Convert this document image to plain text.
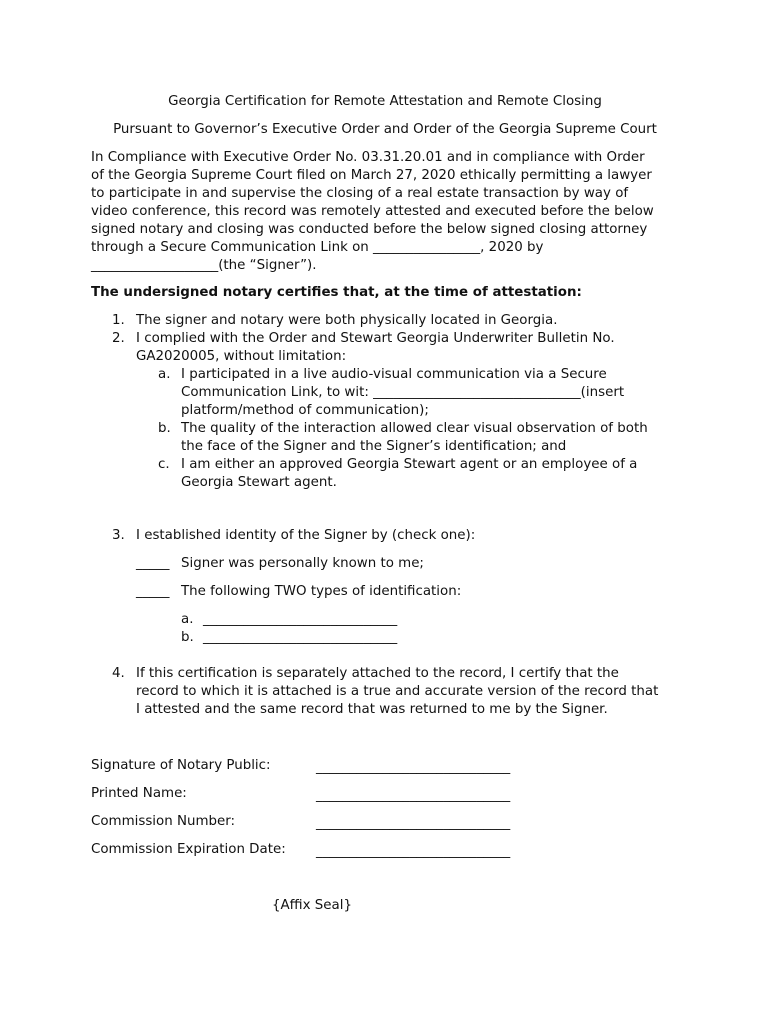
Georgia Certification for Remote Attestation and Remote Closing
Pursuant to Governor’s Executive Order and Order of the Georgia Supreme Court
In Compliance with Executive Order No. 03.31.20.01 and in compliance with Order
of the Georgia Supreme Court filed on March 27, 2020 ethically permitting a lawyer
to participate in and supervise the closing of a real estate transaction by way of
video conference, this record was remotely attested and executed before the below
signed notary and closing was conducted before the below signed closing attorney
through a Secure Communication Link on ________________, 2020 by
___________________(the “Signer”).
The undersigned notary certifies that, at the time of attestation:
1. The signer and notary were both physically located in Georgia.
2. I complied with the Order and Stewart Georgia Underwriter Bulletin No.
GA2020005, without limitation:
a. I participated in a live audio-visual communication via a Secure
Communication Link, to wit: _______________________________(insert
platform/method of communication);
b. The quality of the interaction allowed clear visual observation of both
the face of the Signer and the Signer’s identification; and
c. I am either an approved Georgia Stewart agent or an employee of a
Georgia Stewart agent.
3. I established identity of the Signer by (check one):
_____ Signer was personally known to me;
_____ The following TWO types of identification:
a. _____________________________
b. _____________________________
4. If this certification is separately attached to the record, I certify that the
record to which it is attached is a true and accurate version of the record that
I attested and the same record that was returned to me by the Signer.
Signature of Notary Public:	_____________________________
Printed Name:	_____________________________
Commission Number:	_____________________________
Commission Expiration Date: _____________________________
{Affix Seal}
